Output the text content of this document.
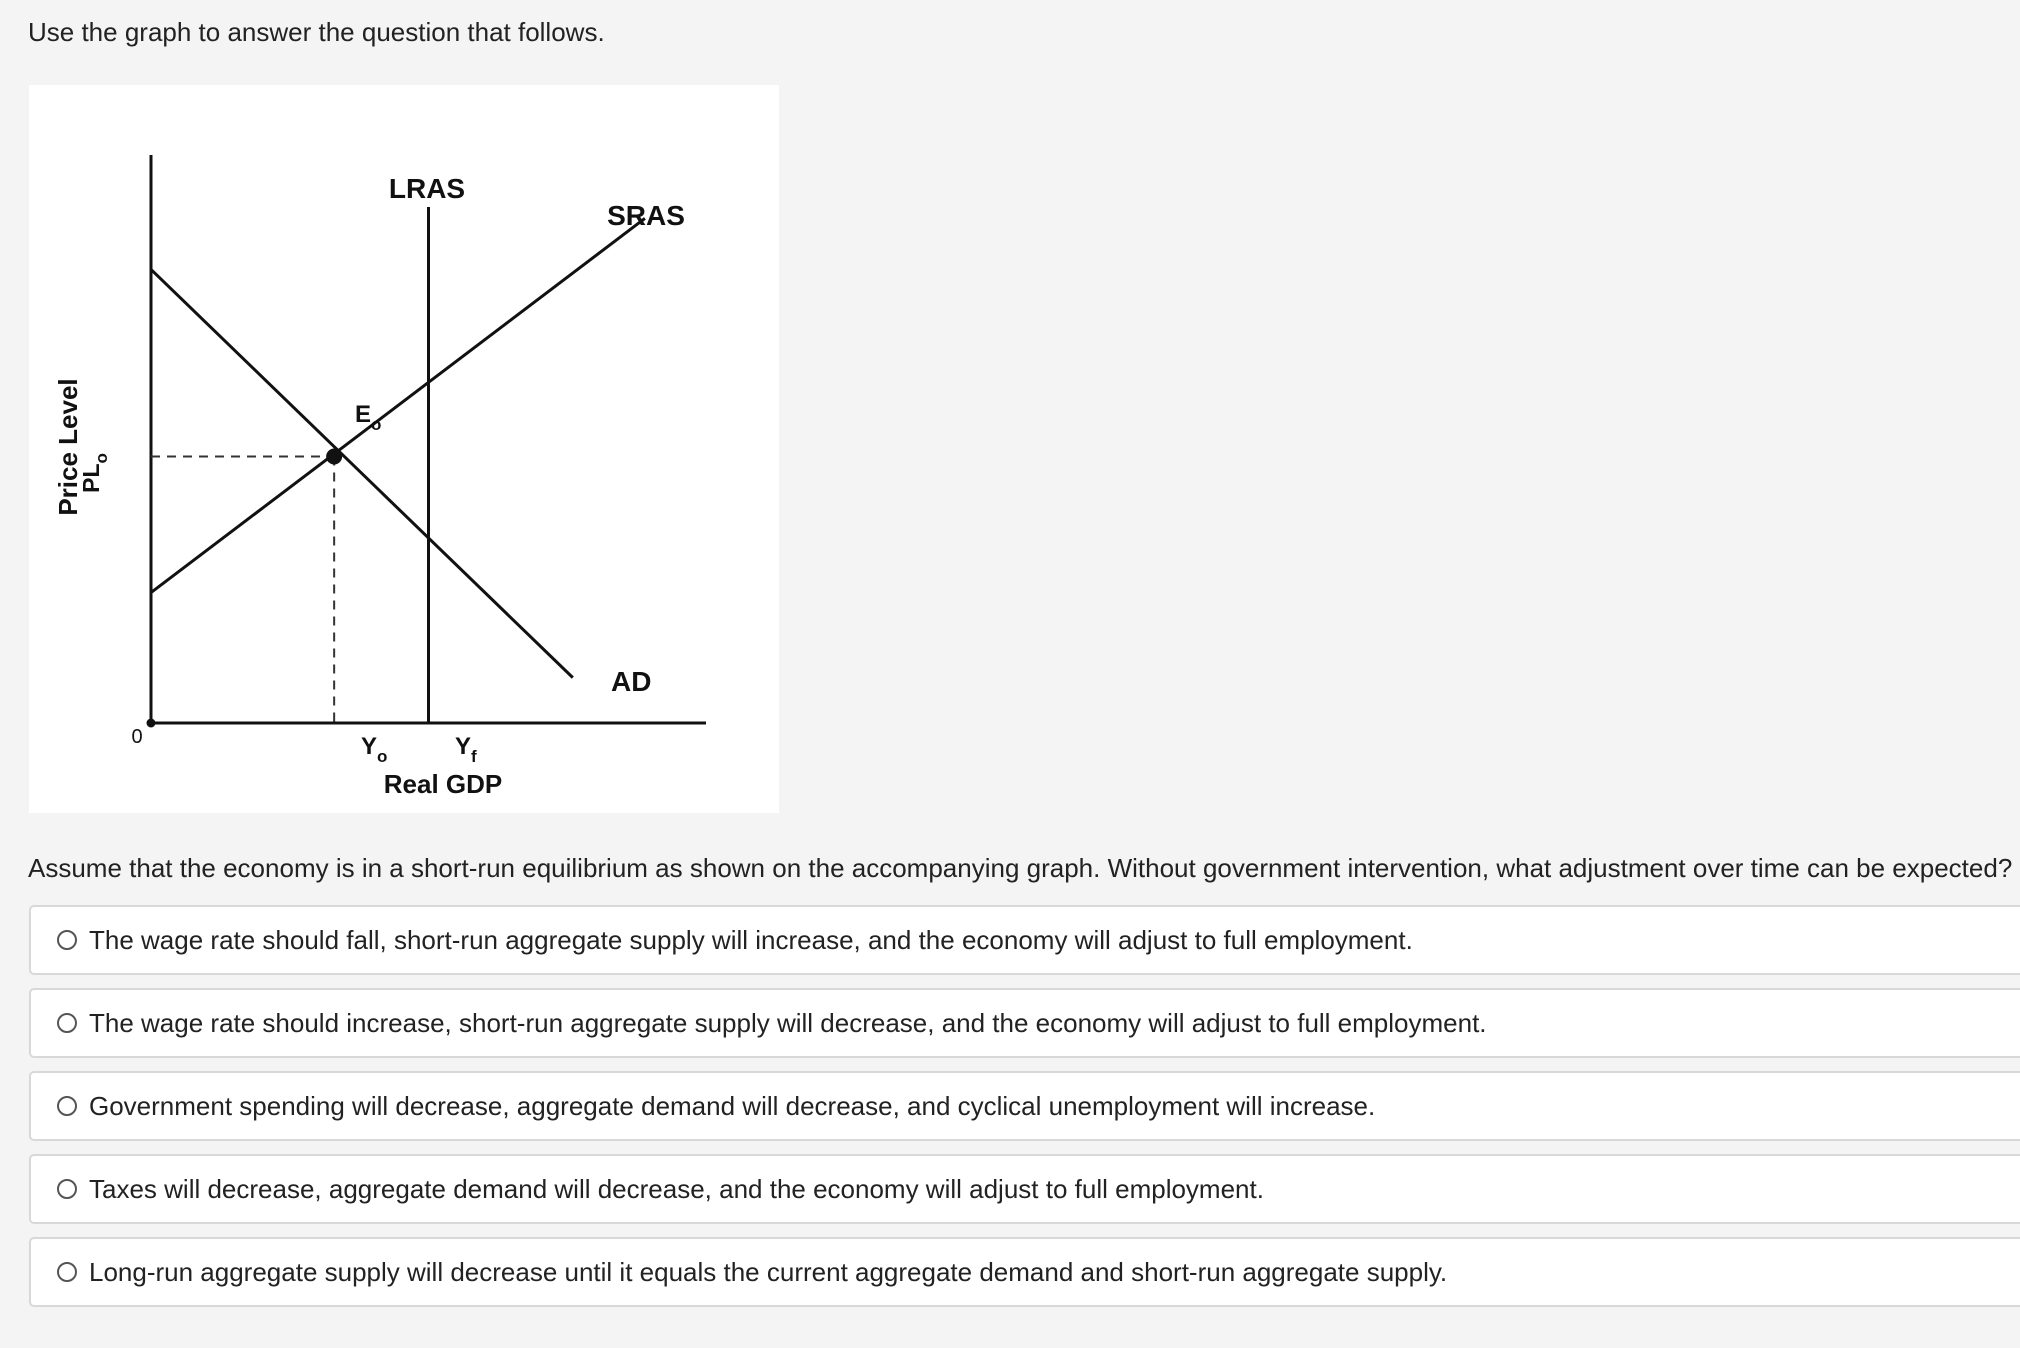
Use the graph to answer the question that follows.

0
Price Level
Real GDP
AD
SRAS
LRAS
$E_o$
$Y_o$	$Y_f$
$PL_o$

Assume that the economy is in a short-run equilibrium as shown on the accompanying graph. Without government intervention, what adjustment over time can be expected?

The wage rate should fall, short-run aggregate supply will increase, and the economy will adjust to full employment.
The wage rate should increase, short-run aggregate supply will decrease, and the economy will adjust to full employment.
Government spending will decrease, aggregate demand will decrease, and cyclical unemployment will increase.
Taxes will decrease, aggregate demand will decrease, and the economy will adjust to full employment.
Long-run aggregate supply will decrease until it equals the current aggregate demand and short-run aggregate supply.
